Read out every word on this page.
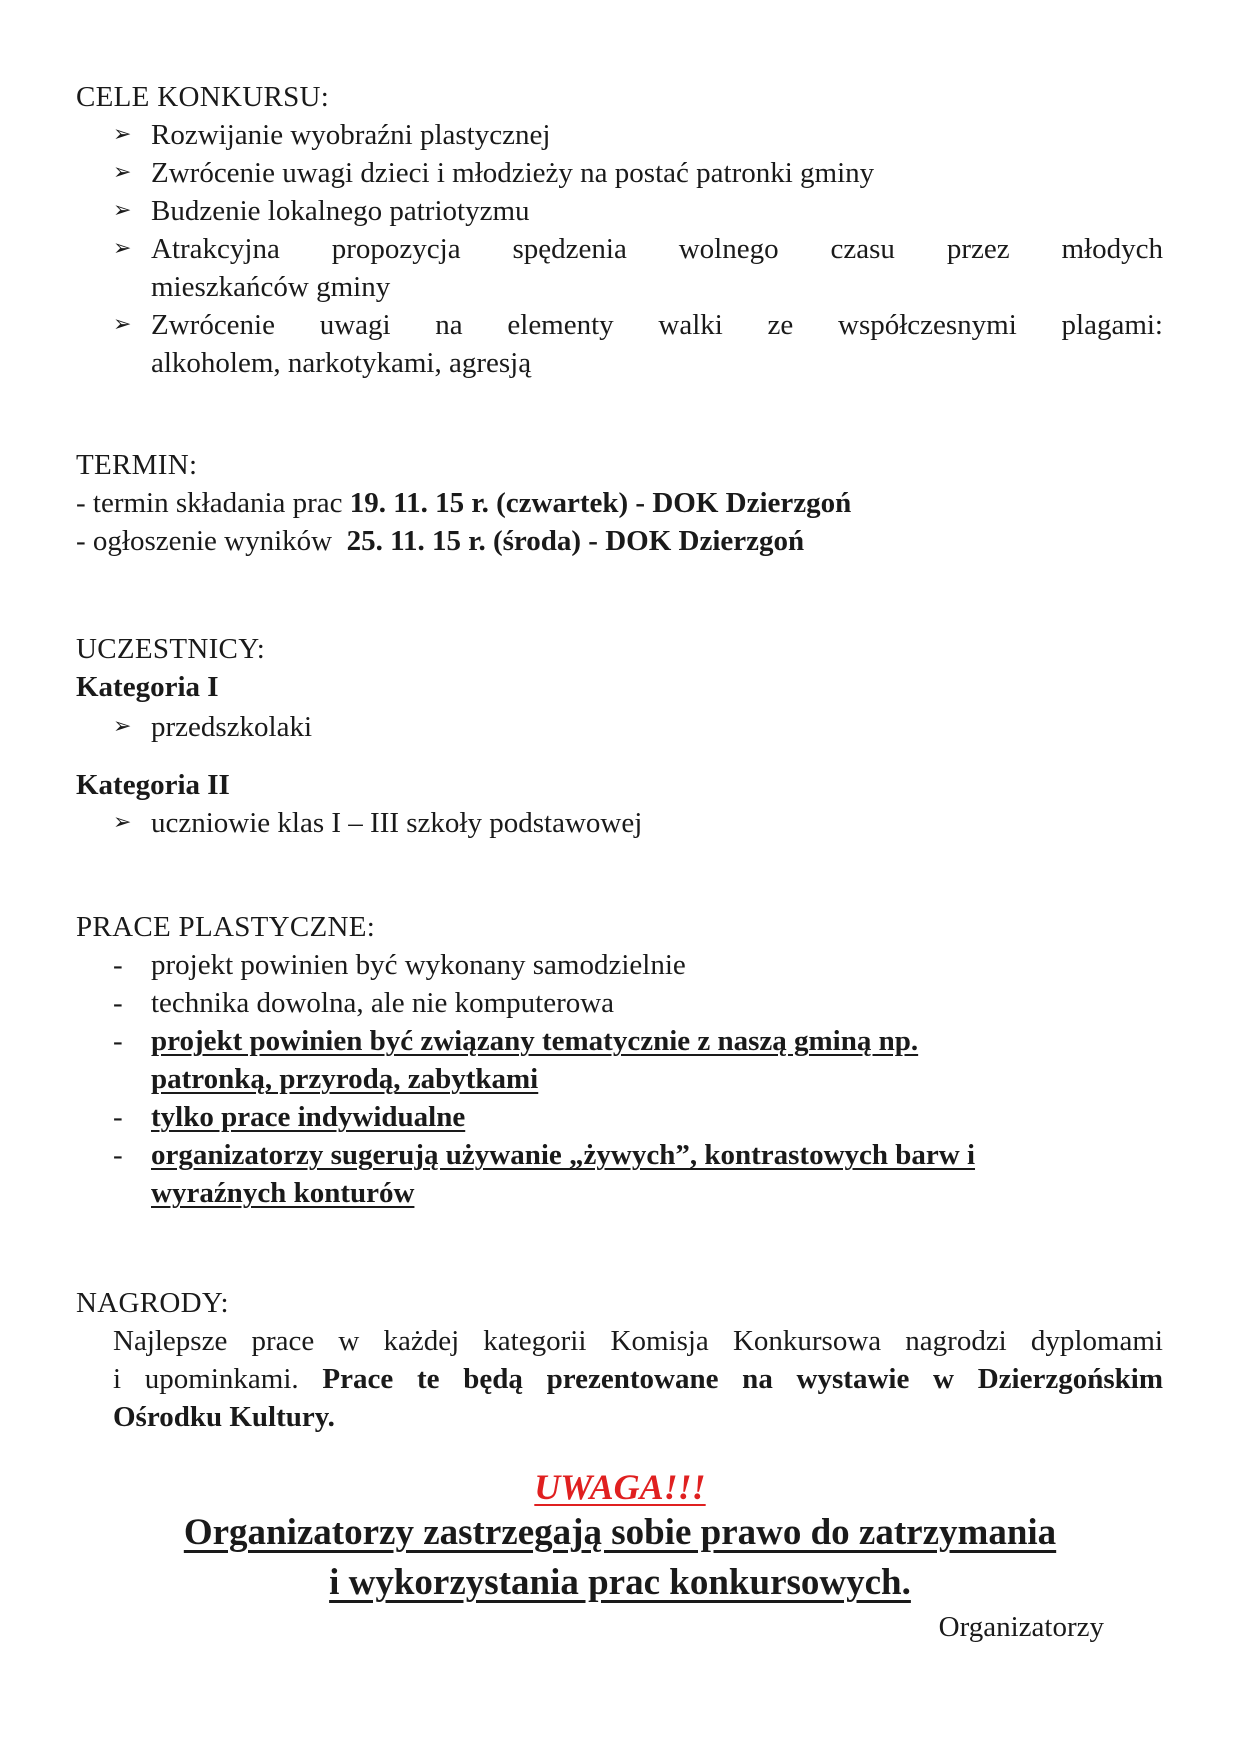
CELE KONKURSU:
➢ Rozwijanie wyobraźni plastycznej
➢ Zwrócenie uwagi dzieci i młodzieży na postać patronki gminy
➢ Budzenie lokalnego patriotyzmu
➢ Atrakcyjna propozycja spędzenia wolnego czasu przez młodych
mieszkańców gminy
➢ Zwrócenie uwagi na elementy walki ze współczesnymi plagami:
alkoholem, narkotykami, agresją
TERMIN:
- termin składania prac 19. 11. 15 r. (czwartek) - DOK Dzierzgoń
- ogłoszenie wyników  25. 11. 15 r. (środa) - DOK Dzierzgoń
UCZESTNICY:
Kategoria I
➢ przedszkolaki
Kategoria II
➢ uczniowie klas I – III szkoły podstawowej
PRACE PLASTYCZNE:
- projekt powinien być wykonany samodzielnie
- technika dowolna, ale nie komputerowa
- projekt powinien być związany tematycznie z naszą gminą np.
patronką, przyrodą, zabytkami
- tylko prace indywidualne
- organizatorzy sugerują używanie „żywych”, kontrastowych barw i
wyraźnych konturów
NAGRODY:
Najlepsze prace w każdej kategorii Komisja Konkursowa nagrodzi dyplomami
i upominkami. Prace te będą prezentowane na wystawie w Dzierzgońskim
Ośrodku Kultury.
UWAGA!!!
Organizatorzy zastrzegają sobie prawo do zatrzymania
i wykorzystania prac konkursowych.
Organizatorzy
